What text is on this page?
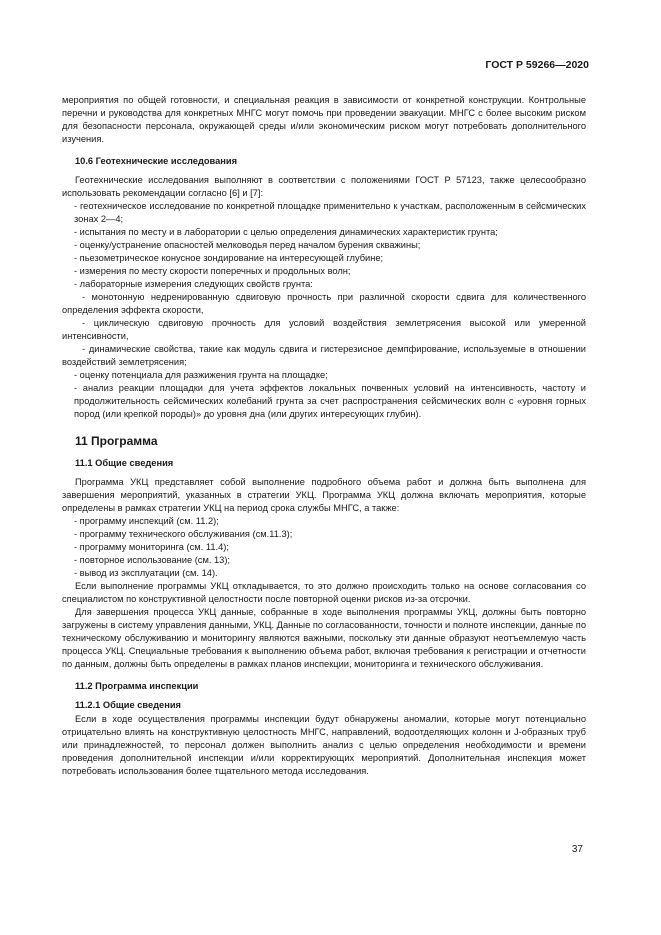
ГОСТ Р 59266—2020

мероприятия по общей готовности, и специальная реакция в зависимости от конкретной конструкции. Контрольные перечни и руководства для конкретных МНГС могут помочь при проведении эвакуации. МНГС с более высоким риском для безопасности персонала, окружающей среды и/или экономическим риском могут потребовать дополнительного изучения.

10.6 Геотехнические исследования

Геотехнические исследования выполняют в соответствии с положениями ГОСТ Р 57123, также целесообразно использовать рекомендации согласно [6] и [7]:

- геотехническое исследование по конкретной площадке применительно к участкам, расположенным в сейсмических зонах 2—4;

- испытания по месту и в лаборатории с целью определения динамических характеристик грунта;

- оценку/устранение опасностей мелководья перед началом бурения скважины;

- пьезометрическое конусное зондирование на интересующей глубине;

- измерения по месту скорости поперечных и продольных волн;

- лабораторные измерения следующих свойств грунта:

- монотонную недренированную сдвиговую прочность при различной скорости сдвига для количественного определения эффекта скорости,

- циклическую сдвиговую прочность для условий воздействия землетрясения высокой или умеренной интенсивности,

- динамические свойства, такие как модуль сдвига и гистерезисное демпфирование, используемые в отношении воздействий землетрясения;

- оценку потенциала для разжижения грунта на площадке;

- анализ реакции площадки для учета эффектов локальных почвенных условий на интенсивность, частоту и продолжительность сейсмических колебаний грунта за счет распространения сейсмических волн с «уровня горных пород (или крепкой породы)» до уровня дна (или других интересующих глубин).

11 Программа
11.1 Общие сведения

Программа УКЦ представляет собой выполнение подробного объема работ и должна быть выполнена для завершения мероприятий, указанных в стратегии УКЦ. Программа УКЦ должна включать мероприятия, которые определены в рамках стратегии УКЦ на период срока службы МНГС, а также:

- программу инспекций (см. 11.2);

- программу технического обслуживания (см.11.3);

- программу мониторинга (см. 11.4);

- повторное использование (см. 13);

- вывод из эксплуатации (см. 14).

Если выполнение программы УКЦ откладывается, то это должно происходить только на основе согласования со специалистом по конструктивной целостности после повторной оценки рисков из-за отсрочки.

Для завершения процесса УКЦ данные, собранные в ходе выполнения программы УКЦ, должны быть повторно загружены в систему управления данными, УКЦ. Данные по согласованности, точности и полноте инспекции, данные по техническому обслуживанию и мониторингу являются важными, поскольку эти данные образуют неотъемлемую часть процесса УКЦ. Специальные требования к выполнению объема работ, включая требования к регистрации и отчетности по данным, должны быть определены в рамках планов инспекции, мониторинга и технического обслуживания.

11.2 Программа инспекции
11.2.1 Общие сведения

Если в ходе осуществления программы инспекции будут обнаружены аномалии, которые могут потенциально отрицательно влиять на конструктивную целостность МНГС, направлений, водоотделяющих колонн и J-образных труб или принадлежностей, то персонал должен выполнить анализ с целью определения необходимости и времени проведения дополнительной инспекции и/или корректирующих мероприятий. Дополнительная инспекция может потребовать использования более тщательного метода исследования.

37
